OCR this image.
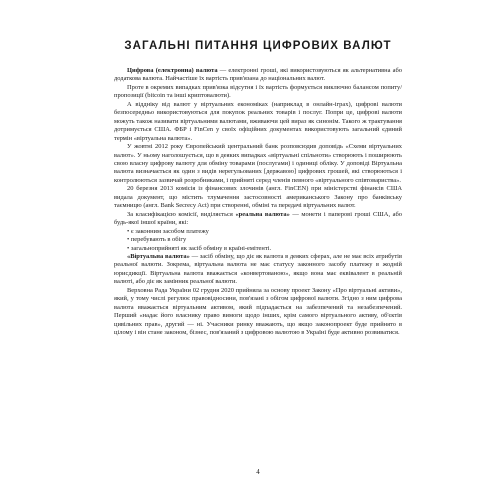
ЗАГАЛЬНІ ПИТАННЯ ЦИФРОВИХ ВАЛЮТ

Цифрова (електронна) валюта — електронні гроші, які використовуються як альтернативна або додаткова валюта. Найчастіше їх вартість прив'язана до національних валют.

Проте в окремих випадках прив'язка відсутня і їх вартість формується виключно балансом попиту/пропозиції (bitcoin та інші криптовалюти).

А віддніку від валют у віртуальних економіках (наприклад в онлайн-іграх), цифрові валюти безпосередньо використовуються для покупок реальних товарів і послуг. Попри це, цифрові валюти можуть також називати віртуальними валютами, вживаючи цей вираз як синонім. Такого ж трактування дотримується США. ФБР і FinCen у своїх офіційних документах використовують загальний єдиний термін «віртуальна валюта».

У жовтні 2012 року Європейський центральний банк розповсюдив доповідь «Схеми віртуальних валют». У ньому наголошується, що в деяких випадках «віртуальні спільноти» створюють і поширюють свою власну цифрову валюту для обміну товарами (послугами) і одиниці обліку. У доповіді Віртуальна валюта визначається як один з видів нерегульованих [державою] цифрових грошей, які створюються і контролюються зазвичай розробниками, і прийняті серед членів певного «віртуального співтовариства».

20 березня 2013 комісія із фінансових злочинів (англ. FinCEN) при міністерстві фінансів США видала документ, що містить тлумачення застосовності американського Закону про банківську таємницю (англ. Bank Secrecy Act) при створенні, обміні та передачі віртуальних валют.

За класифікацією комісії, виділяється «реальна валюта» — монети і паперові гроші США, або будь-якої іншої країни, які:

• є законним засобом платежу

• перебувають в обігу

• загальноприйняті як засіб обміну в країні-емітенті.

«Віртуальна валюта» — засіб обміну, що діє як валюта в деяких сферах, але не має всіх атрибутів реальної валюти. Зокрема, віртуальна валюта не має статусу законного засобу платежу в жодній юрисдикції. Віртуальна валюта вважається «конвертованою», якщо вона має еквівалент в реальній валюті, або діє як замінник реальної валюти.

Верховна Рада України 02 грудня 2020 прийняла за основу проект Закону «Про віртуальні активи», який, у тому числі регулює правовідносини, пов'язані з обігом цифрової валюти. Згідно з ним цифрова валюта вважається віртуальним активом, який підпадається на забезпечений та незабезпечений. Перший «надає його власнику право вимоги щодо інших, крім самого віртуального активу, об'єктів цивільних прав», другий — ні. Учасники ринку вважають, що якщо законопроект буде прийнято в цілому і він стане законом, бізнес, пов'язаний з цифровою валютою в Україні буде активно розвиватися.

4
